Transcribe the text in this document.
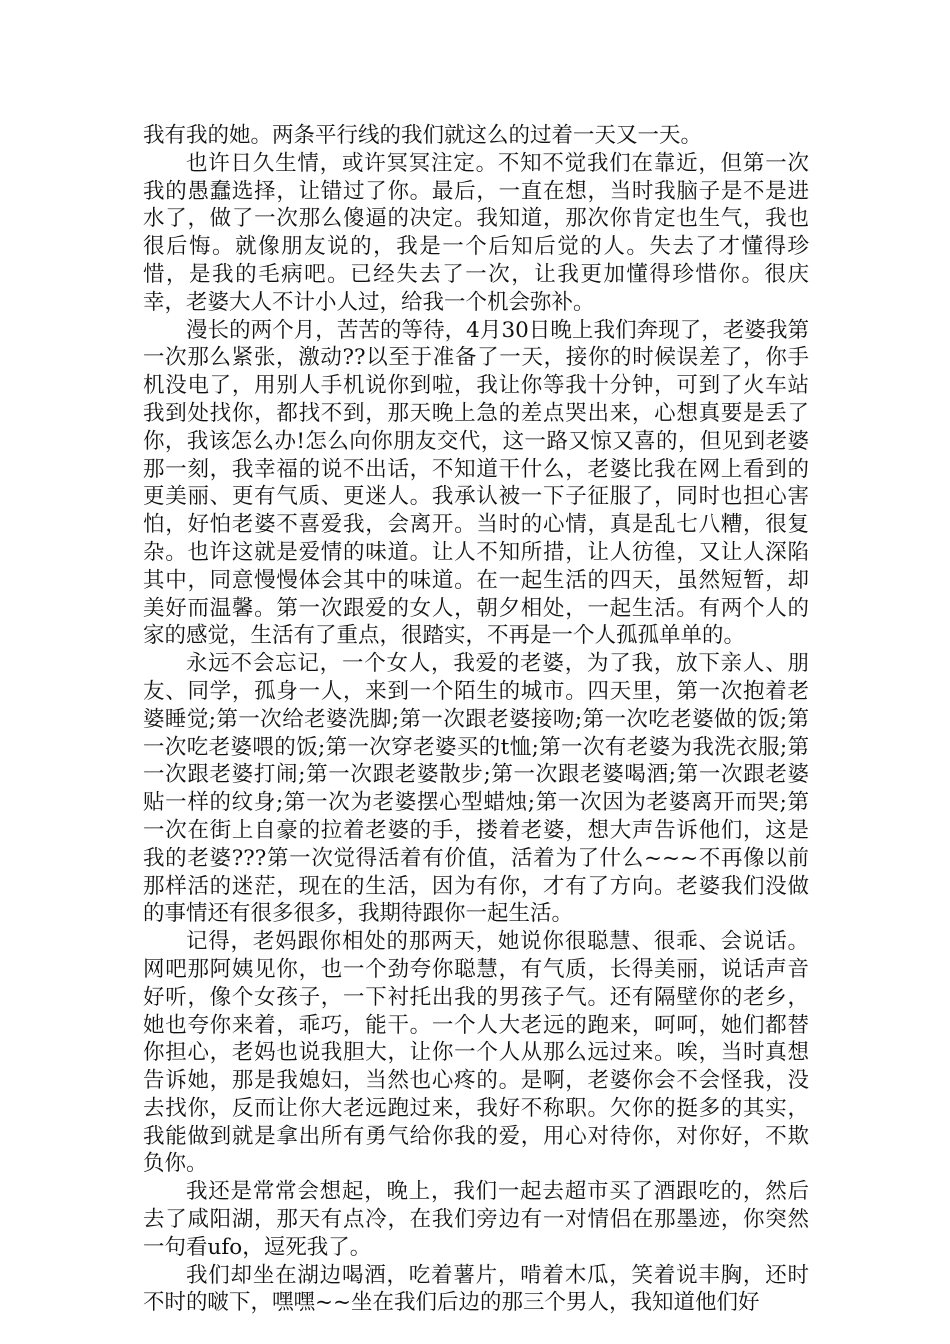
我有我的她。两条平行线的我们就这么的过着一天又一天。

也许日久生情，或许冥冥注定。不知不觉我们在靠近，但第一次我的愚蠢选择，让错过了你。最后，一直在想，当时我脑子是不是进水了，做了一次那么傻逼的决定。我知道，那次你肯定也生气，我也很后悔。就像朋友说的，我是一个后知后觉的人。失去了才懂得珍惜，是我的毛病吧。已经失去了一次，让我更加懂得珍惜你。很庆幸，老婆大人不计小人过，给我一个机会弥补。

漫长的两个月，苦苦的等待，4月30日晚上我们奔现了，老婆我第一次那么紧张，激动??以至于准备了一天，接你的时候误差了，你手机没电了，用别人手机说你到啦，我让你等我十分钟，可到了火车站我到处找你，都找不到，那天晚上急的差点哭出来，心想真要是丢了你，我该怎么办!怎么向你朋友交代，这一路又惊又喜的，但见到老婆那一刻，我幸福的说不出话，不知道干什么，老婆比我在网上看到的更美丽、更有气质、更迷人。我承认被一下子征服了，同时也担心害怕，好怕老婆不喜爱我，会离开。当时的心情，真是乱七八糟，很复杂。也许这就是爱情的味道。让人不知所措，让人彷徨，又让人深陷其中，同意慢慢体会其中的味道。在一起生活的四天，虽然短暂，却美好而温馨。第一次跟爱的女人，朝夕相处，一起生活。有两个人的家的感觉，生活有了重点，很踏实，不再是一个人孤孤单单的。

永远不会忘记，一个女人，我爱的老婆，为了我，放下亲人、朋友、同学，孤身一人，来到一个陌生的城市。四天里，第一次抱着老婆睡觉;第一次给老婆洗脚;第一次跟老婆接吻;第一次吃老婆做的饭;第一次吃老婆喂的饭;第一次穿老婆买的t恤;第一次有老婆为我洗衣服;第一次跟老婆打闹;第一次跟老婆散步;第一次跟老婆喝酒;第一次跟老婆贴一样的纹身;第一次为老婆摆心型蜡烛;第一次因为老婆离开而哭;第一次在街上自豪的拉着老婆的手，搂着老婆，想大声告诉他们，这是我的老婆???第一次觉得活着有价值，活着为了什么~~~不再像以前那样活的迷茫，现在的生活，因为有你，才有了方向。老婆我们没做的事情还有很多很多，我期待跟你一起生活。

记得，老妈跟你相处的那两天，她说你很聪慧、很乖、会说话。网吧那阿姨见你，也一个劲夸你聪慧，有气质，长得美丽，说话声音好听，像个女孩子，一下衬托出我的男孩子气。还有隔壁你的老乡，她也夸你来着，乖巧，能干。一个人大老远的跑来，呵呵，她们都替你担心，老妈也说我胆大，让你一个人从那么远过来。唉，当时真想告诉她，那是我媳妇，当然也心疼的。是啊，老婆你会不会怪我，没去找你，反而让你大老远跑过来，我好不称职。欠你的挺多的其实，我能做到就是拿出所有勇气给你我的爱，用心对待你，对你好，不欺负你。

我还是常常会想起，晚上，我们一起去超市买了酒跟吃的，然后去了咸阳湖，那天有点冷，在我们旁边有一对情侣在那墨迹，你突然一句看ufo，逗死我了。

我们却坐在湖边喝酒，吃着薯片，啃着木瓜，笑着说丰胸，还时不时的啵下，嘿嘿~~坐在我们后边的那三个男人，我知道他们好
